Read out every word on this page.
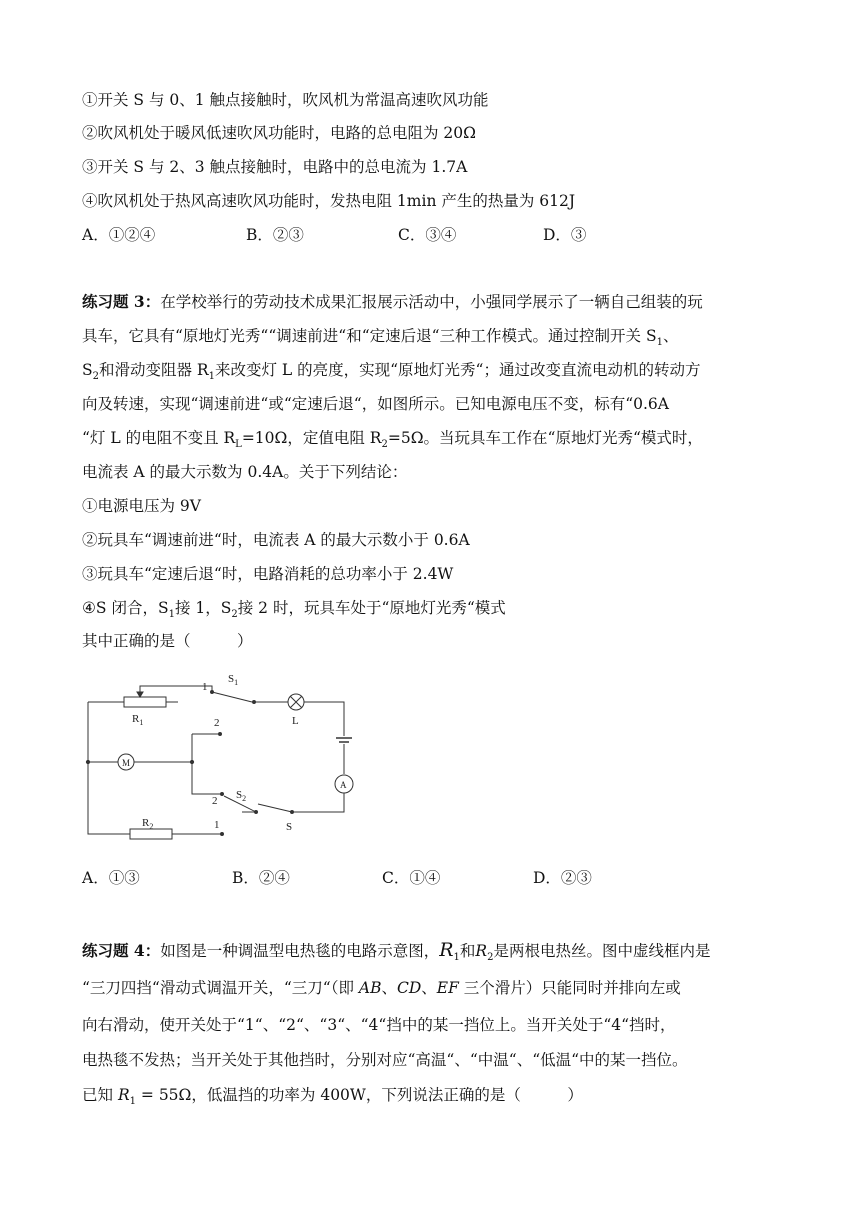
①开关 S 与 0、1 触点接触时，吹风机为常温高速吹风功能
②吹风机处于暖风低速吹风功能时，电路的总电阻为 20Ω
③开关 S 与 2、3 触点接触时，电路中的总电流为 1.7A
④吹风机处于热风高速吹风功能时，发热电阻 1min 产生的热量为 612J
A．①②④	B．②③	C．③④	D．③
练习题 3：在学校举行的劳动技术成果汇报展示活动中，小强同学展示了一辆自己组装的玩
具车，它具有“原地灯光秀““调速前进“和“定速后退“三种工作模式。通过控制开关 $S_1$、
$S_2$和滑动变阻器 $R_1$来改变灯 L 的亮度，实现“原地灯光秀“；通过改变直流电动机的转动方
向及转速，实现“调速前进“或“定速后退“，如图所示。已知电源电压不变，标有“0.6A
“灯 L 的电阻不变且 $R_L=10\Omega$，定值电阻 $R_2=5\Omega$。当玩具车工作在“原地灯光秀“模式时，
电流表 A 的最大示数为 0.4A。关于下列结论：
①电源电压为 9V
②玩具车“调速前进“时，电流表 A 的最大示数小于 0.6A
③玩具车“定速后退“时，电路消耗的总功率小于 2.4W
④S 闭合，$S_1$接 1，$S_2$接 2 时，玩具车处于“原地灯光秀“模式
其中正确的是（　　　）
$S_1$
1
$R_1$	L
2
M
A
2 $S_2$
S
$R_2$	1
A．①③	B．②④	C．①④	D．②③
练习题 4：如图是一种调温型电热毯的电路示意图，$R_1$和$R_2$是两根电热丝。图中虚线框内是
“三刀四挡“滑动式调温开关，“三刀“（即 AB、CD、EF 三个滑片）只能同时并排向左或
向右滑动，使开关处于“1“、“2“、“3“、“4“挡中的某一挡位上。当开关处于“4“挡时，
电热毯不发热；当开关处于其他挡时，分别对应“高温“、“中温“、“低温“中的某一挡位。
已知 $R_1 = 55\Omega$，低温挡的功率为 400W，下列说法正确的是（　　　）
